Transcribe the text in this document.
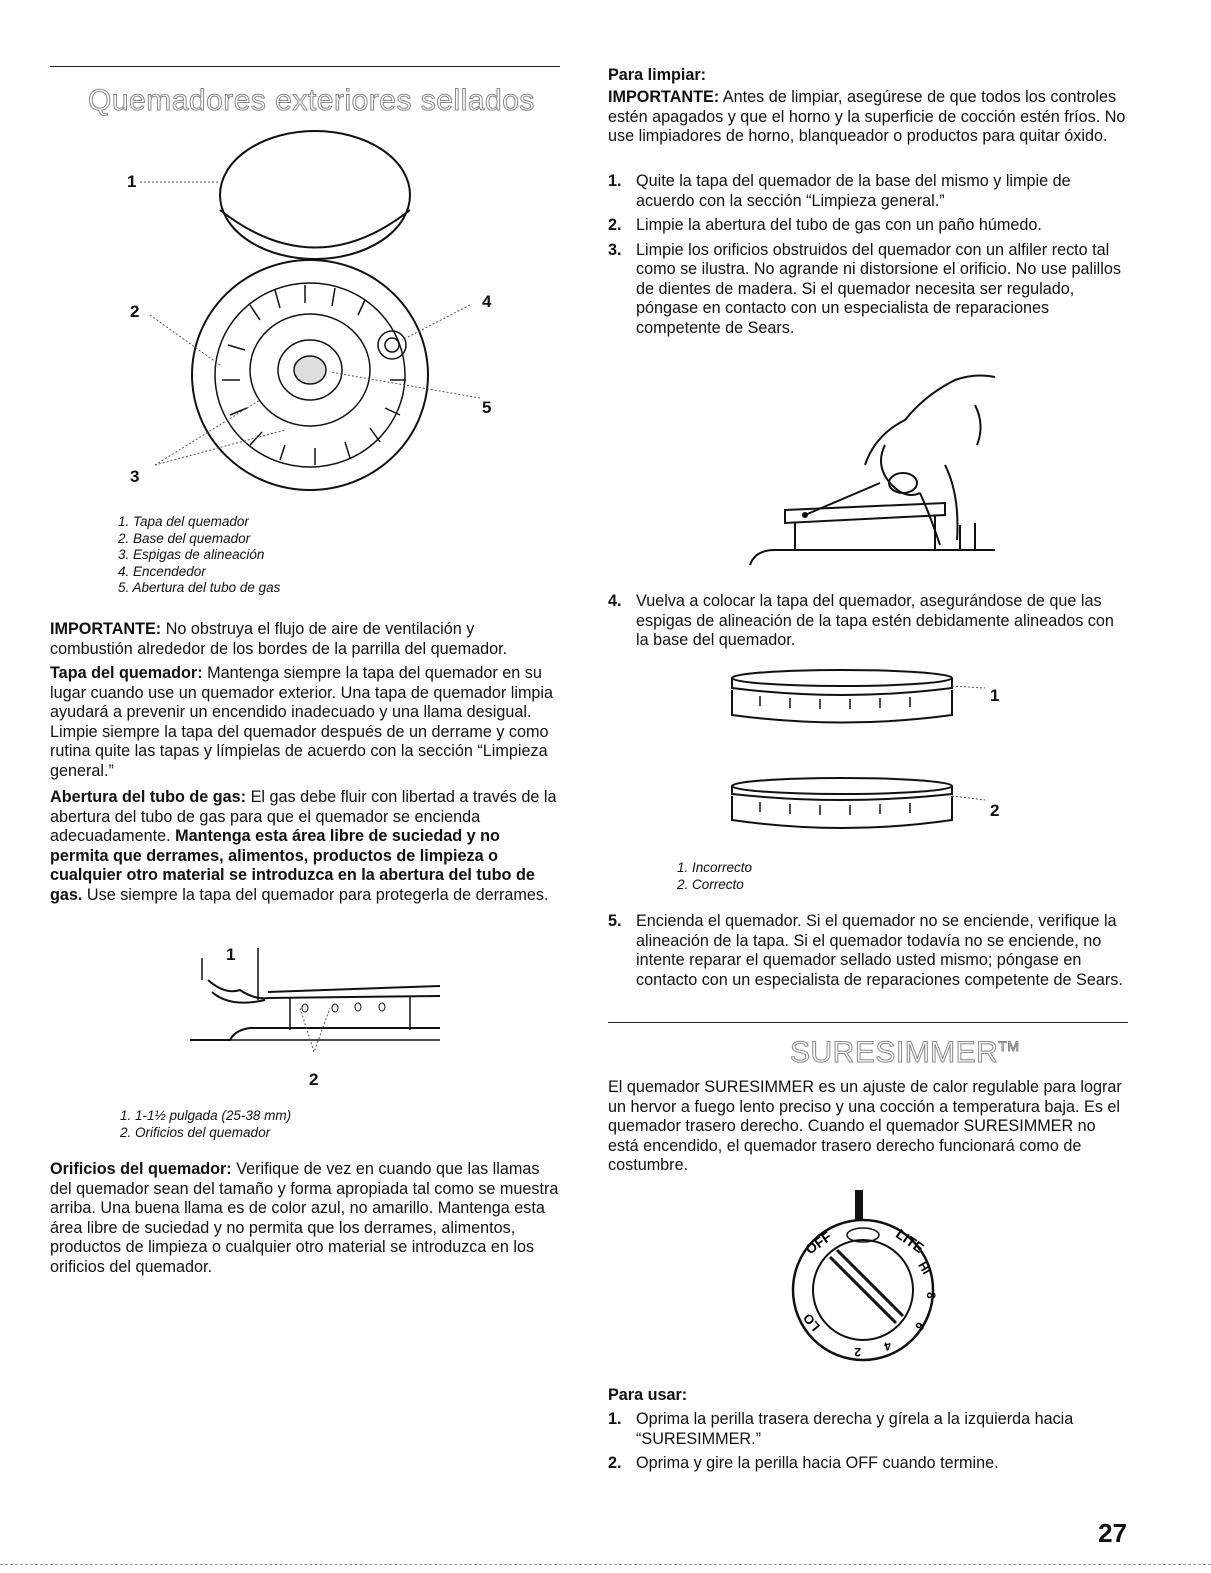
Quemadores exteriores sellados
1
2
4
5
3
1. Tapa del quemador
2. Base del quemador
3. Espigas de alineación
4. Encendedor
5. Abertura del tubo de gas

IMPORTANTE: No obstruya el flujo de aire de ventilación y combustión alrededor de los bordes de la parrilla del quemador.

Tapa del quemador: Mantenga siempre la tapa del quemador en su lugar cuando use un quemador exterior. Una tapa de quemador limpia ayudará a prevenir un encendido inadecuado y una llama desigual. Limpie siempre la tapa del quemador después de un derrame y como rutina quite las tapas y límpielas de acuerdo con la sección “Limpieza general.”

Abertura del tubo de gas: El gas debe fluir con libertad a través de la abertura del tubo de gas para que el quemador se encienda adecuadamente. Mantenga esta área libre de suciedad y no permita que derrames, alimentos, productos de limpieza o cualquier otro material se introduzca en la abertura del tubo de gas. Use siempre la tapa del quemador para protegerla de derrames.

1
2
1. 1-1½ pulgada (25-38 mm)
2. Orificios del quemador

Orificios del quemador: Verifique de vez en cuando que las llamas del quemador sean del tamaño y forma apropiada tal como se muestra arriba. Una buena llama es de color azul, no amarillo. Mantenga esta área libre de suciedad y no permita que los derrames, alimentos, productos de limpieza o cualquier otro material se introduzca en los orificios del quemador.

Para limpiar:

IMPORTANTE: Antes de limpiar, asegúrese de que todos los controles estén apagados y que el horno y la superficie de cocción estén fríos. No use limpiadores de horno, blanqueador o productos para quitar óxido.

1. Quite la tapa del quemador de la base del mismo y limpie de acuerdo con la sección “Limpieza general.”
2. Limpie la abertura del tubo de gas con un paño húmedo.
3. Limpie los orificios obstruidos del quemador con un alfiler recto tal como se ilustra. No agrande ni distorsione el orificio. No use palillos de dientes de madera. Si el quemador necesita ser regulado, póngase en contacto con un especialista de reparaciones competente de Sears.
4. Vuelva a colocar la tapa del quemador, asegurándose de que las espigas de alineación de la tapa estén debidamente alineados con la base del quemador.
1
2
1. Incorrecto
2. Correcto
5. Encienda el quemador. Si el quemador no se enciende, verifique la alineación de la tapa. Si el quemador todavía no se enciende, no intente reparar el quemador sellado usted mismo; póngase en contacto con un especialista de reparaciones competente de Sears.
SURESIMMER™

El quemador SURESIMMER es un ajuste de calor regulable para lograr un hervor a fuego lento preciso y una cocción a temperatura baja. Es el quemador trasero derecho. Cuando el quemador SURESIMMER no está encendido, el quemador trasero derecho funcionará como de costumbre.

OFF	LITE
HI
8
6
4
2
LO

Para usar:

1. Oprima la perilla trasera derecha y gírela a la izquierda hacia “SURESIMMER.”
2. Oprima y gire la perilla hacia OFF cuando termine.
27
